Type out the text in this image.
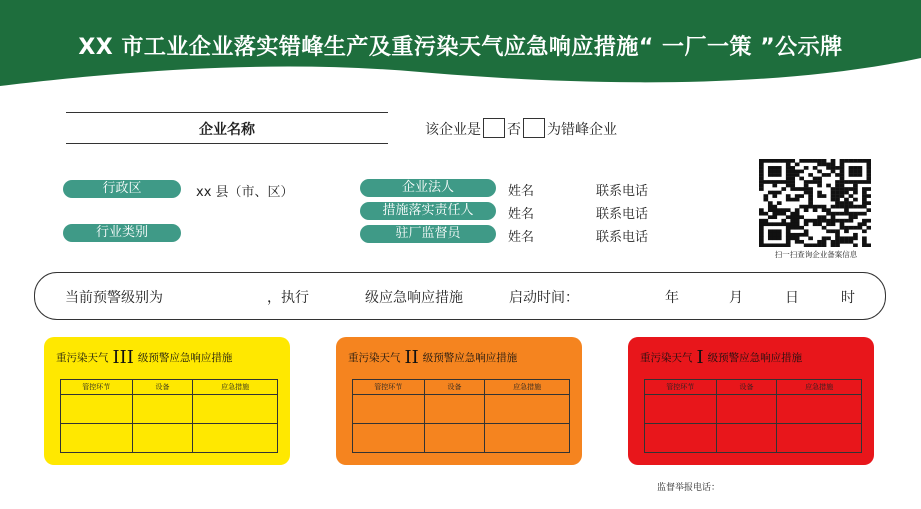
XX 市工业企业落实错峰生产及重污染天气应急响应措施“ 一厂一策 ”公示牌
企业名称	该企业是 否 为错峰企业
行政区	xx 县（市、区）
行业类别
企业法人	姓名	联系电话
措施落实责任人	姓名	联系电话
驻厂监督员	姓名	联系电话
扫一扫查询企业备案信息
当前预警级别为	，执行	级应急响应措施	启动时间：	年	月	日	时
重污染天气 III 级预警应急响应措施
管控环节	设备	应急措施

重污染天气 II 级预警应急响应措施
管控环节	设备	应急措施

重污染天气 I 级预警应急响应措施
管控环节	设备	应急措施

监督举报电话：
